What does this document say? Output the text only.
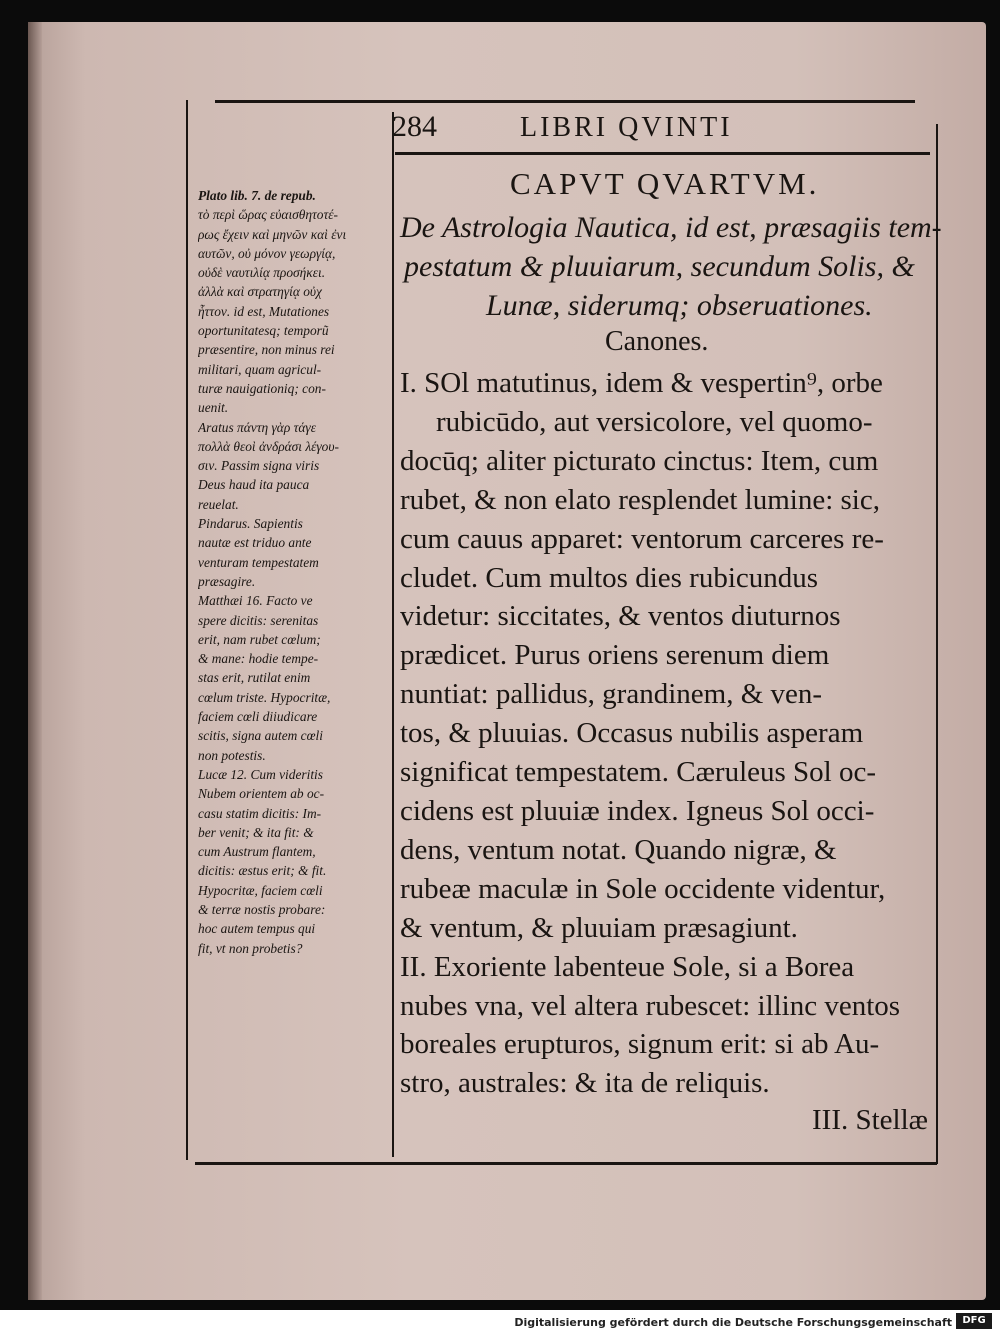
284	LIBRI QVINTI
CAPVT QVARTVM.
De Astrologia Nautica, id est, præsagiis tem-
pestatum & pluuiarum, secundum Solis, &
Lunæ, siderumq; obseruationes.
Canones.
I. SOl matutinus, idem & vespertin⁹, orbe
rubicūdo, aut versicolore, vel quomo-
docūq; aliter picturato cinctus: Item, cum
rubet, & non elato resplendet lumine: sic,
cum cauus apparet: ventorum carceres re-
cludet. Cum multos dies rubicundus
videtur: siccitates, & ventos diuturnos
prædicet. Purus oriens serenum diem
nuntiat: pallidus, grandinem, & ven-
tos, & pluuias. Occasus nubilis asperam
significat tempestatem. Cæruleus Sol oc-
cidens est pluuiæ index. Igneus Sol occi-
dens, ventum notat. Quando nigræ, &
rubeæ maculæ in Sole occidente videntur,
& ventum, & pluuiam præsagiunt.
II. Exoriente labenteue Sole, si a Borea
nubes vna, vel altera rubescet: illinc ventos
boreales erupturos, signum erit: si ab Au-
stro, australes: & ita de reliquis.
III. Stellæ
Plato lib. 7. de repub.
τὸ περὶ ὥρας εὐαισθητοτέ-
ρως ἔχειν καὶ μηνῶν καὶ ἐνι
αυτῶν, οὐ μόνον γεωργίᾳ,
οὐδὲ ναυτιλίᾳ προσήκει.
ἀλλὰ καὶ στρατηγίᾳ οὐχ
ἧττον. id est, Mutationes
oportunitatesq; temporũ
præsentire, non minus rei
militari, quam agricul-
turæ nauigationiq; con-
uenit.
Aratus πάντη γὰρ τάγε
πολλὰ θεοὶ ἀνδράσι λέγου-
σιν. Passim signa viris
Deus haud ita pauca
reuelat.
Pindarus. Sapientis
nautæ est triduo ante
venturam tempestatem
præsagire.
Matthæi 16. Facto ve
spere dicitis: serenitas
erit, nam rubet cœlum;
& mane: hodie tempe-
stas erit, rutilat enim
cœlum triste. Hypocritæ,
faciem cœli diiudicare
scitis, signa autem cœli
non potestis.
Lucæ 12. Cum videritis
Nubem orientem ab oc-
casu statim dicitis: Im-
ber venit; & ita fit: &
cum Austrum flantem,
dicitis: æstus erit; & fit.
Hypocritæ, faciem cœli
& terræ nostis probare:
hoc autem tempus qui
fit, vt non probetis?
Digitalisierung gefördert durch die Deutsche Forschungsgemeinschaft	DFG
